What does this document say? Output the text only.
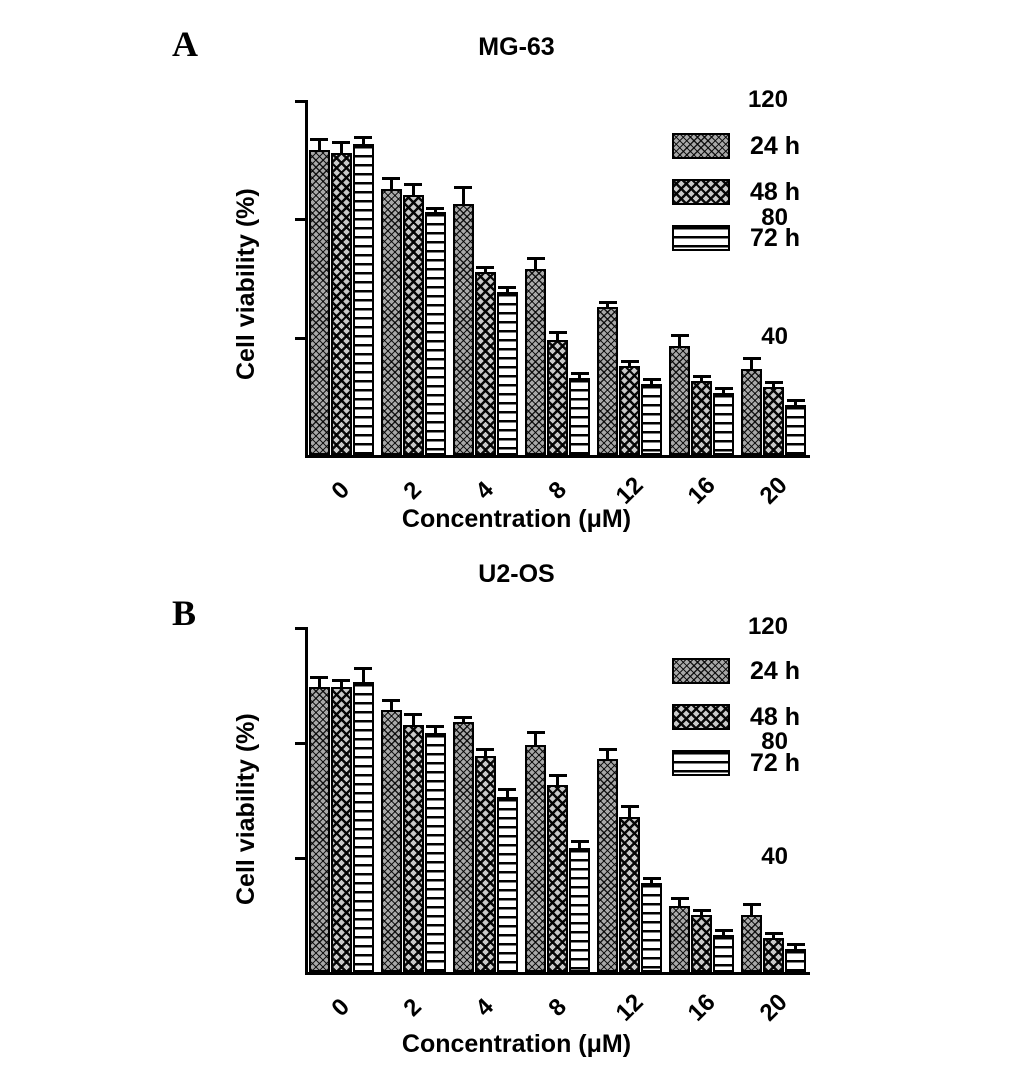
A	MG-63
40
80
120
0	2	4	8	12	16	20
Cell viability (%)
Concentration (μM)
24 h
48 h
72 h
B
U2-OS
40
80
120
0	2	4	8	12	16	20
Cell viability (%)
Concentration (μM)
24 h
48 h
72 h
